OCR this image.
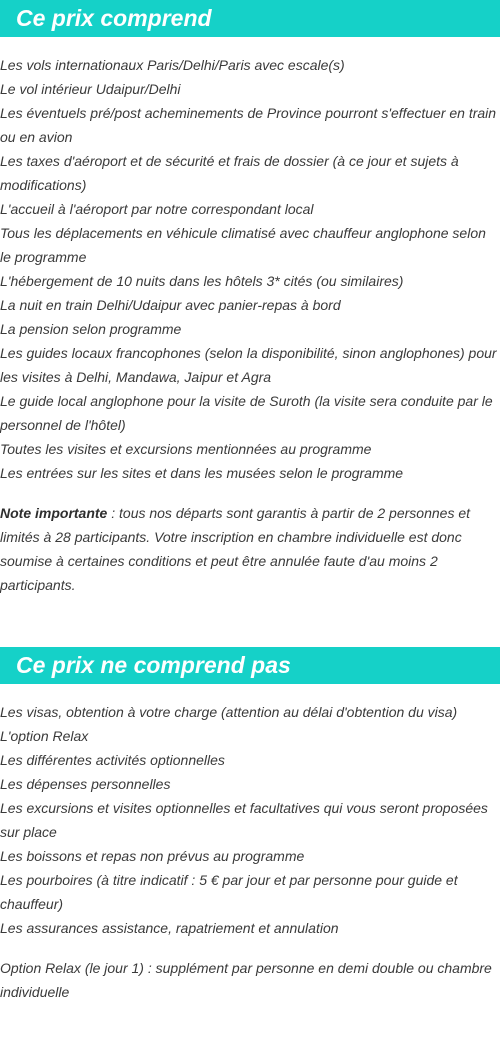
Ce prix comprend
Les vols internationaux Paris/Delhi/Paris avec escale(s)
Le vol intérieur Udaipur/Delhi
Les éventuels pré/post acheminements de Province pourront s'effectuer en train ou en avion
Les taxes d'aéroport et de sécurité et frais de dossier (à ce jour et sujets à modifications)
L'accueil à l'aéroport par notre correspondant local
Tous les déplacements en véhicule climatisé avec chauffeur anglophone selon le programme
L'hébergement de 10 nuits dans les hôtels 3* cités (ou similaires)
La nuit en train Delhi/Udaipur avec panier-repas à bord
La pension selon programme
Les guides locaux francophones (selon la disponibilité, sinon anglophones) pour les visites à Delhi, Mandawa, Jaipur et Agra
Le guide local anglophone pour la visite de Suroth (la visite sera conduite par le personnel de l'hôtel)
Toutes les visites et excursions mentionnées au programme
Les entrées sur les sites et dans les musées selon le programme

Note importante : tous nos départs sont garantis à partir de 2 personnes et limités à 28 participants. Votre inscription en chambre individuelle est donc soumise à certaines conditions et peut être annulée faute d'au moins 2 participants.

Ce prix ne comprend pas
Les visas, obtention à votre charge (attention au délai d'obtention du visa)
L'option Relax
Les différentes activités optionnelles
Les dépenses personnelles
Les excursions et visites optionnelles et facultatives qui vous seront proposées sur place
Les boissons et repas non prévus au programme
Les pourboires (à titre indicatif : 5 € par jour et par personne pour guide et chauffeur)
Les assurances assistance, rapatriement et annulation

Option Relax (le jour 1) : supplément par personne en demi double ou chambre individuelle
